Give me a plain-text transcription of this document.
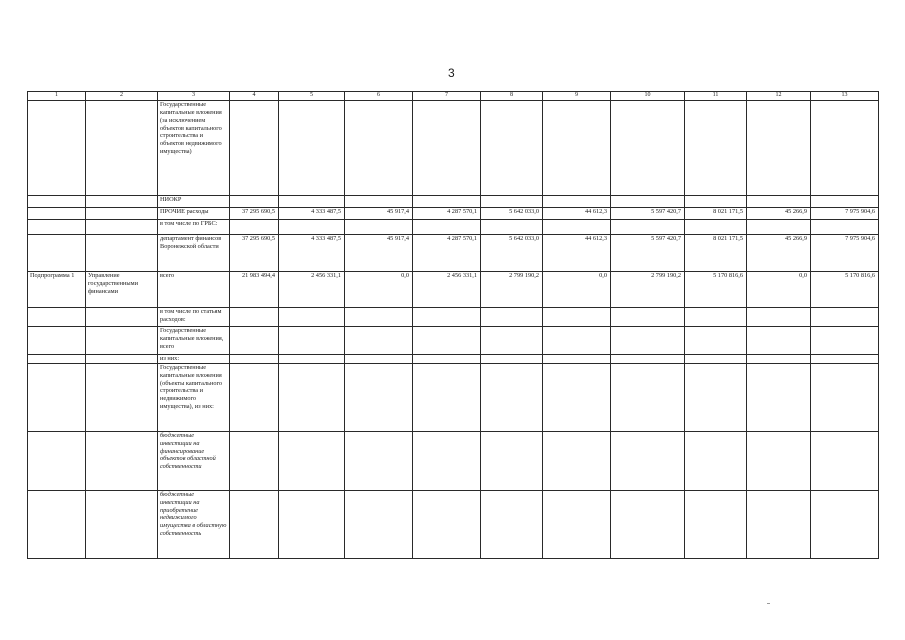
3
1	2	3	4	5	6	7	8	9	10	11	12	13
		Государственные капитальные вложения (за исключением объектов капитального строительства и объектов недвижимого имущества)										
		НИОКР										
		ПРОЧИЕ расходы	37 295 690,5	4 333 487,5	45 917,4	4 287 570,1	5 642 033,0	44 612,3	5 597 420,7	8 021 171,5	45 266,9	7 975 904,6
		в том числе по ГРБС:										
		департамент финансов Воронежской области	37 295 690,5	4 333 487,5	45 917,4	4 287 570,1	5 642 033,0	44 612,3	5 597 420,7	8 021 171,5	45 266,9	7 975 904,6
Подпрограмма 1	Управление государственными финансами	всего	21 983 494,4	2 456 331,1	0,0	2 456 331,1	2 799 190,2	0,0	2 799 190,2	5 170 816,6	0,0	5 170 816,6
		в том числе по статьям расходов:										
		Государственные капитальные вложения, всего										
		из них:										
		Государственные капитальные вложения (объекты капитального строительства и недвижимого имущества), из них:										
		бюджетные инвестиции на финансирование объектов областной собственности										
		бюджетные инвестиции на приобретение недвижимого имущества в областную собственность										
